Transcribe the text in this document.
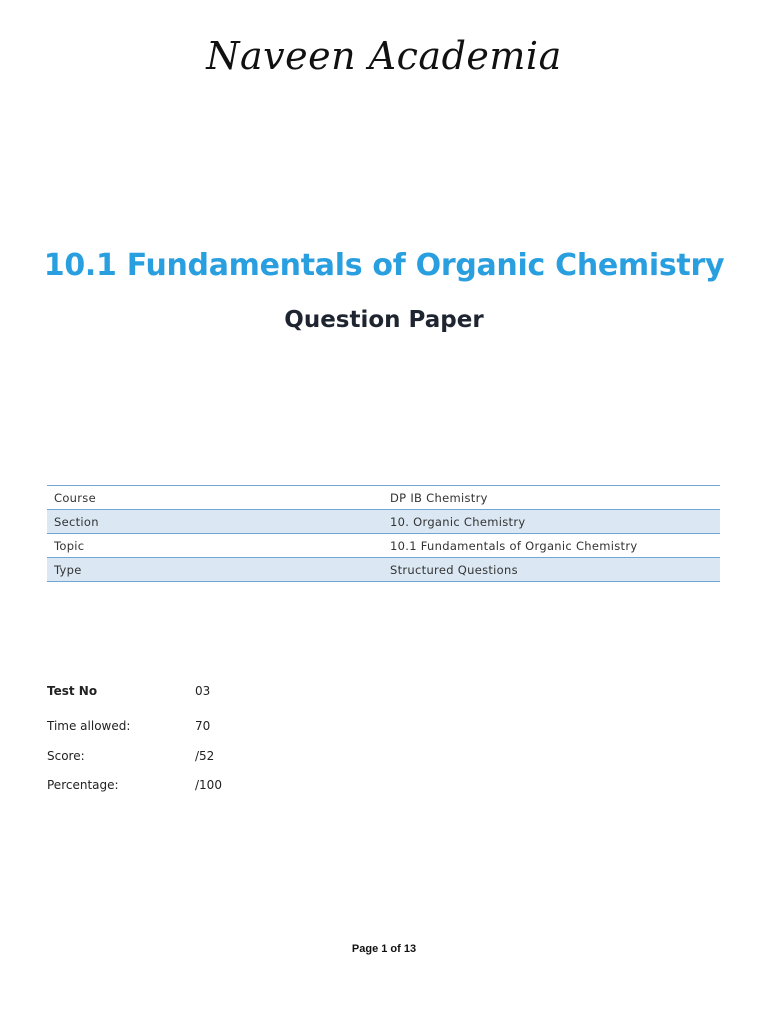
Naveen Academia
10.1 Fundamentals of Organic Chemistry
Question Paper
Course	DP IB Chemistry
Section	10. Organic Chemistry
Topic	10.1 Fundamentals of Organic Chemistry
Type	Structured Questions
Test No	03
Time allowed:	70
Score:	/52
Percentage:	/100
Page 1 of 13
